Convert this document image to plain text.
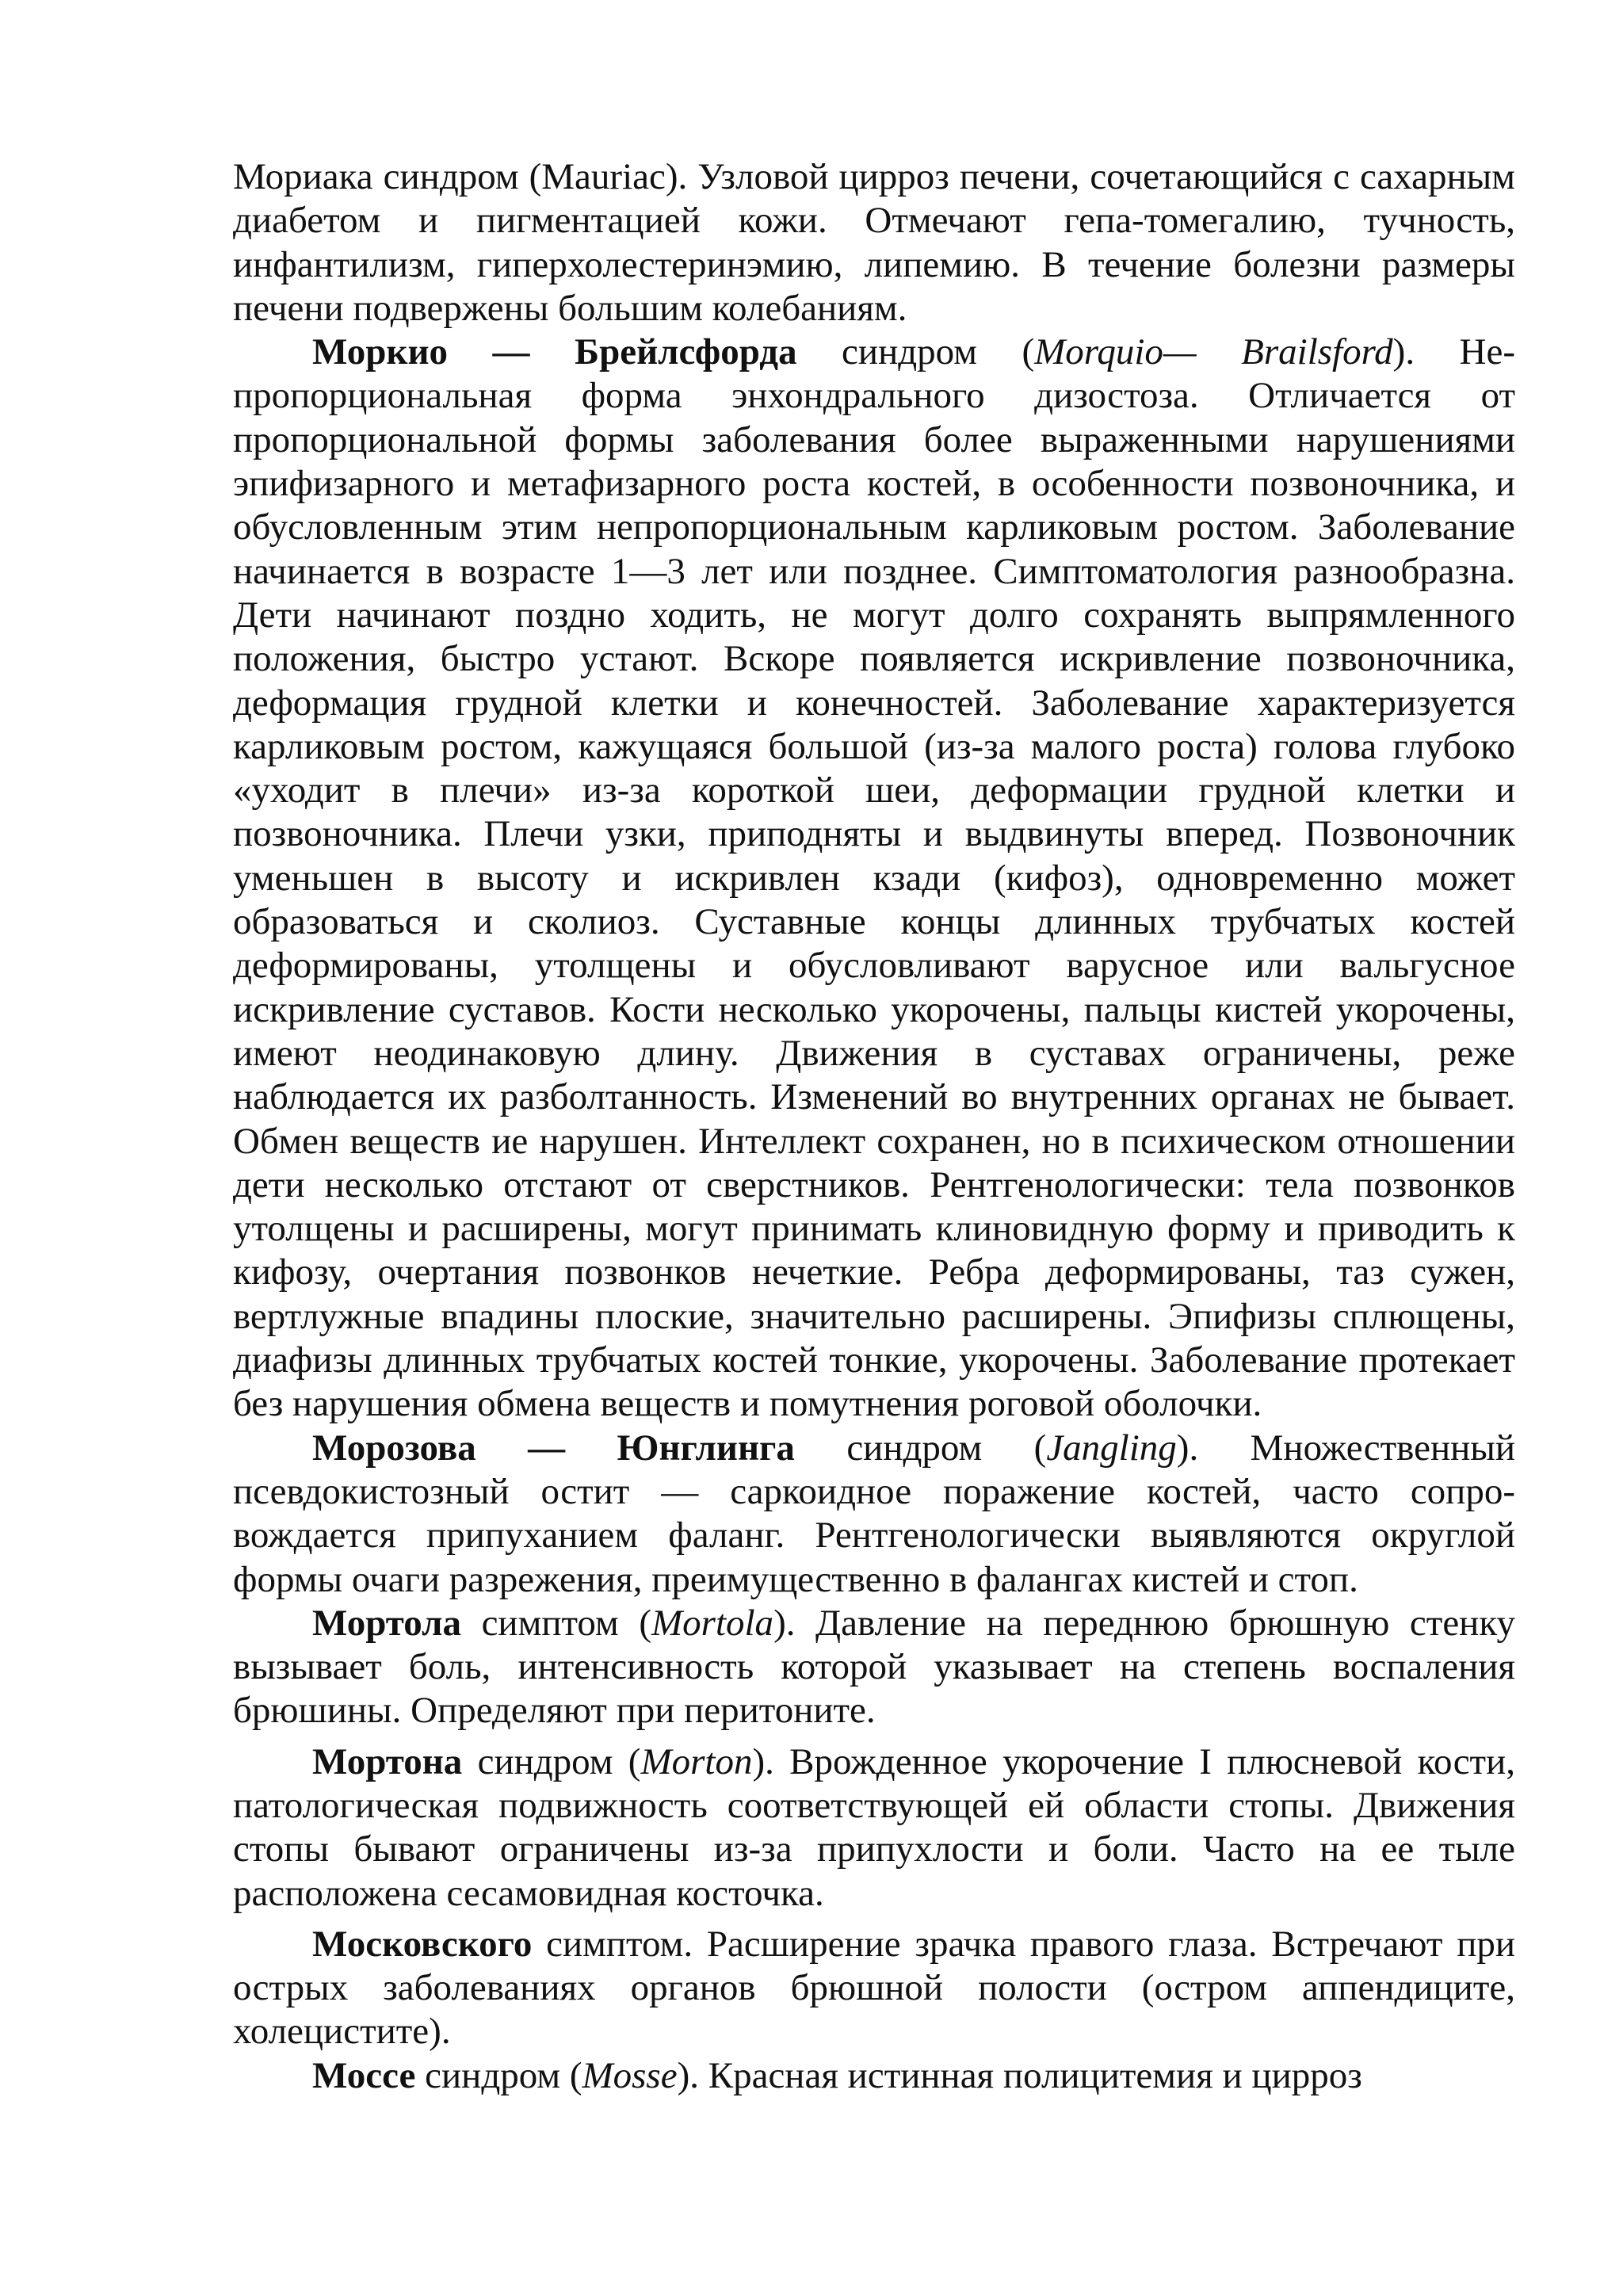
Мориака синдром (Mauriac). Узловой цирроз печени, сочетающийся с сахарным диабетом и пигментацией кожи. Отмечают гепа-томегалию, тучность, инфантилизм, гиперхолестеринэмию, липемию. В течение болезни размеры печени подвержены большим колебаниям.

Моркио — Брейлсфорда синдром (Morquio— Brailsford). Не-пропорциональная форма энхондрального дизостоза. Отличается от пропорциональной формы заболевания более выраженными нарушениями эпифизарного и метафизарного роста костей, в особенности позвоночника, и обусловленным этим непропорциональным карликовым ростом. Заболевание начинается в возрасте 1—3 лет или позднее. Симптоматология разнообразна. Дети начинают поздно ходить, не могут долго сохранять выпрямленного положения, быстро устают. Вскоре появляется искривление позвоночника, деформация грудной клетки и конечностей. Заболевание характеризуется карликовым ростом, кажущаяся большой (из-за малого роста) голова глубоко «уходит в плечи» из-за короткой шеи, деформации грудной клетки и позвоночника. Плечи узки, приподняты и выдвинуты вперед. Позвоночник уменьшен в высоту и искривлен кзади (кифоз), одновременно может образоваться и сколиоз. Суставные концы длинных трубчатых костей деформированы, утолщены и обусловливают варусное или вальгусное искривление суставов. Кости несколько укорочены, пальцы кистей укорочены, имеют неодинаковую длину. Движения в суставах ограничены, реже наблюдается их разболтанность. Изменений во внутренних органах не бывает. Обмен веществ ие нарушен. Интеллект сохранен, но в психическом отношении дети несколько отстают от сверстников. Рентгенологически: тела позвонков утолщены и расширены, могут принимать клиновидную форму и приводить к кифозу, очертания позвонков нечеткие. Ребра деформированы, таз сужен, вертлужные впадины плоские, значительно расширены. Эпифизы сплющены, диафизы длинных трубчатых костей тонкие, укорочены. Заболевание протекает без нарушения обмена веществ и помутнения роговой оболочки.

Морозова — Юнглинга синдром (Jangling). Множественный псевдокистозный остит — саркоидное поражение костей, часто сопро-вождается припуханием фаланг. Рентгенологически выявляются округлой формы очаги разрежения, преимущественно в фалангах кистей и стоп.

Мортола симптом (Mortola). Давление на переднюю брюшную стенку вызывает боль, интенсивность которой указывает на степень воспаления брюшины. Определяют при перитоните.

Мортона синдром (Morton). Врожденное укорочение I плюсневой кости, патологическая подвижность соответствующей ей области стопы. Движения стопы бывают ограничены из-за припухлости и боли. Часто на ее тыле расположена сесамовидная косточка.

Московского симптом. Расширение зрачка правого глаза. Встречают при острых заболеваниях органов брюшной полости (остром аппендиците, холецистите).

Моссе синдром (Mosse). Красная истинная полицитемия и цирроз
